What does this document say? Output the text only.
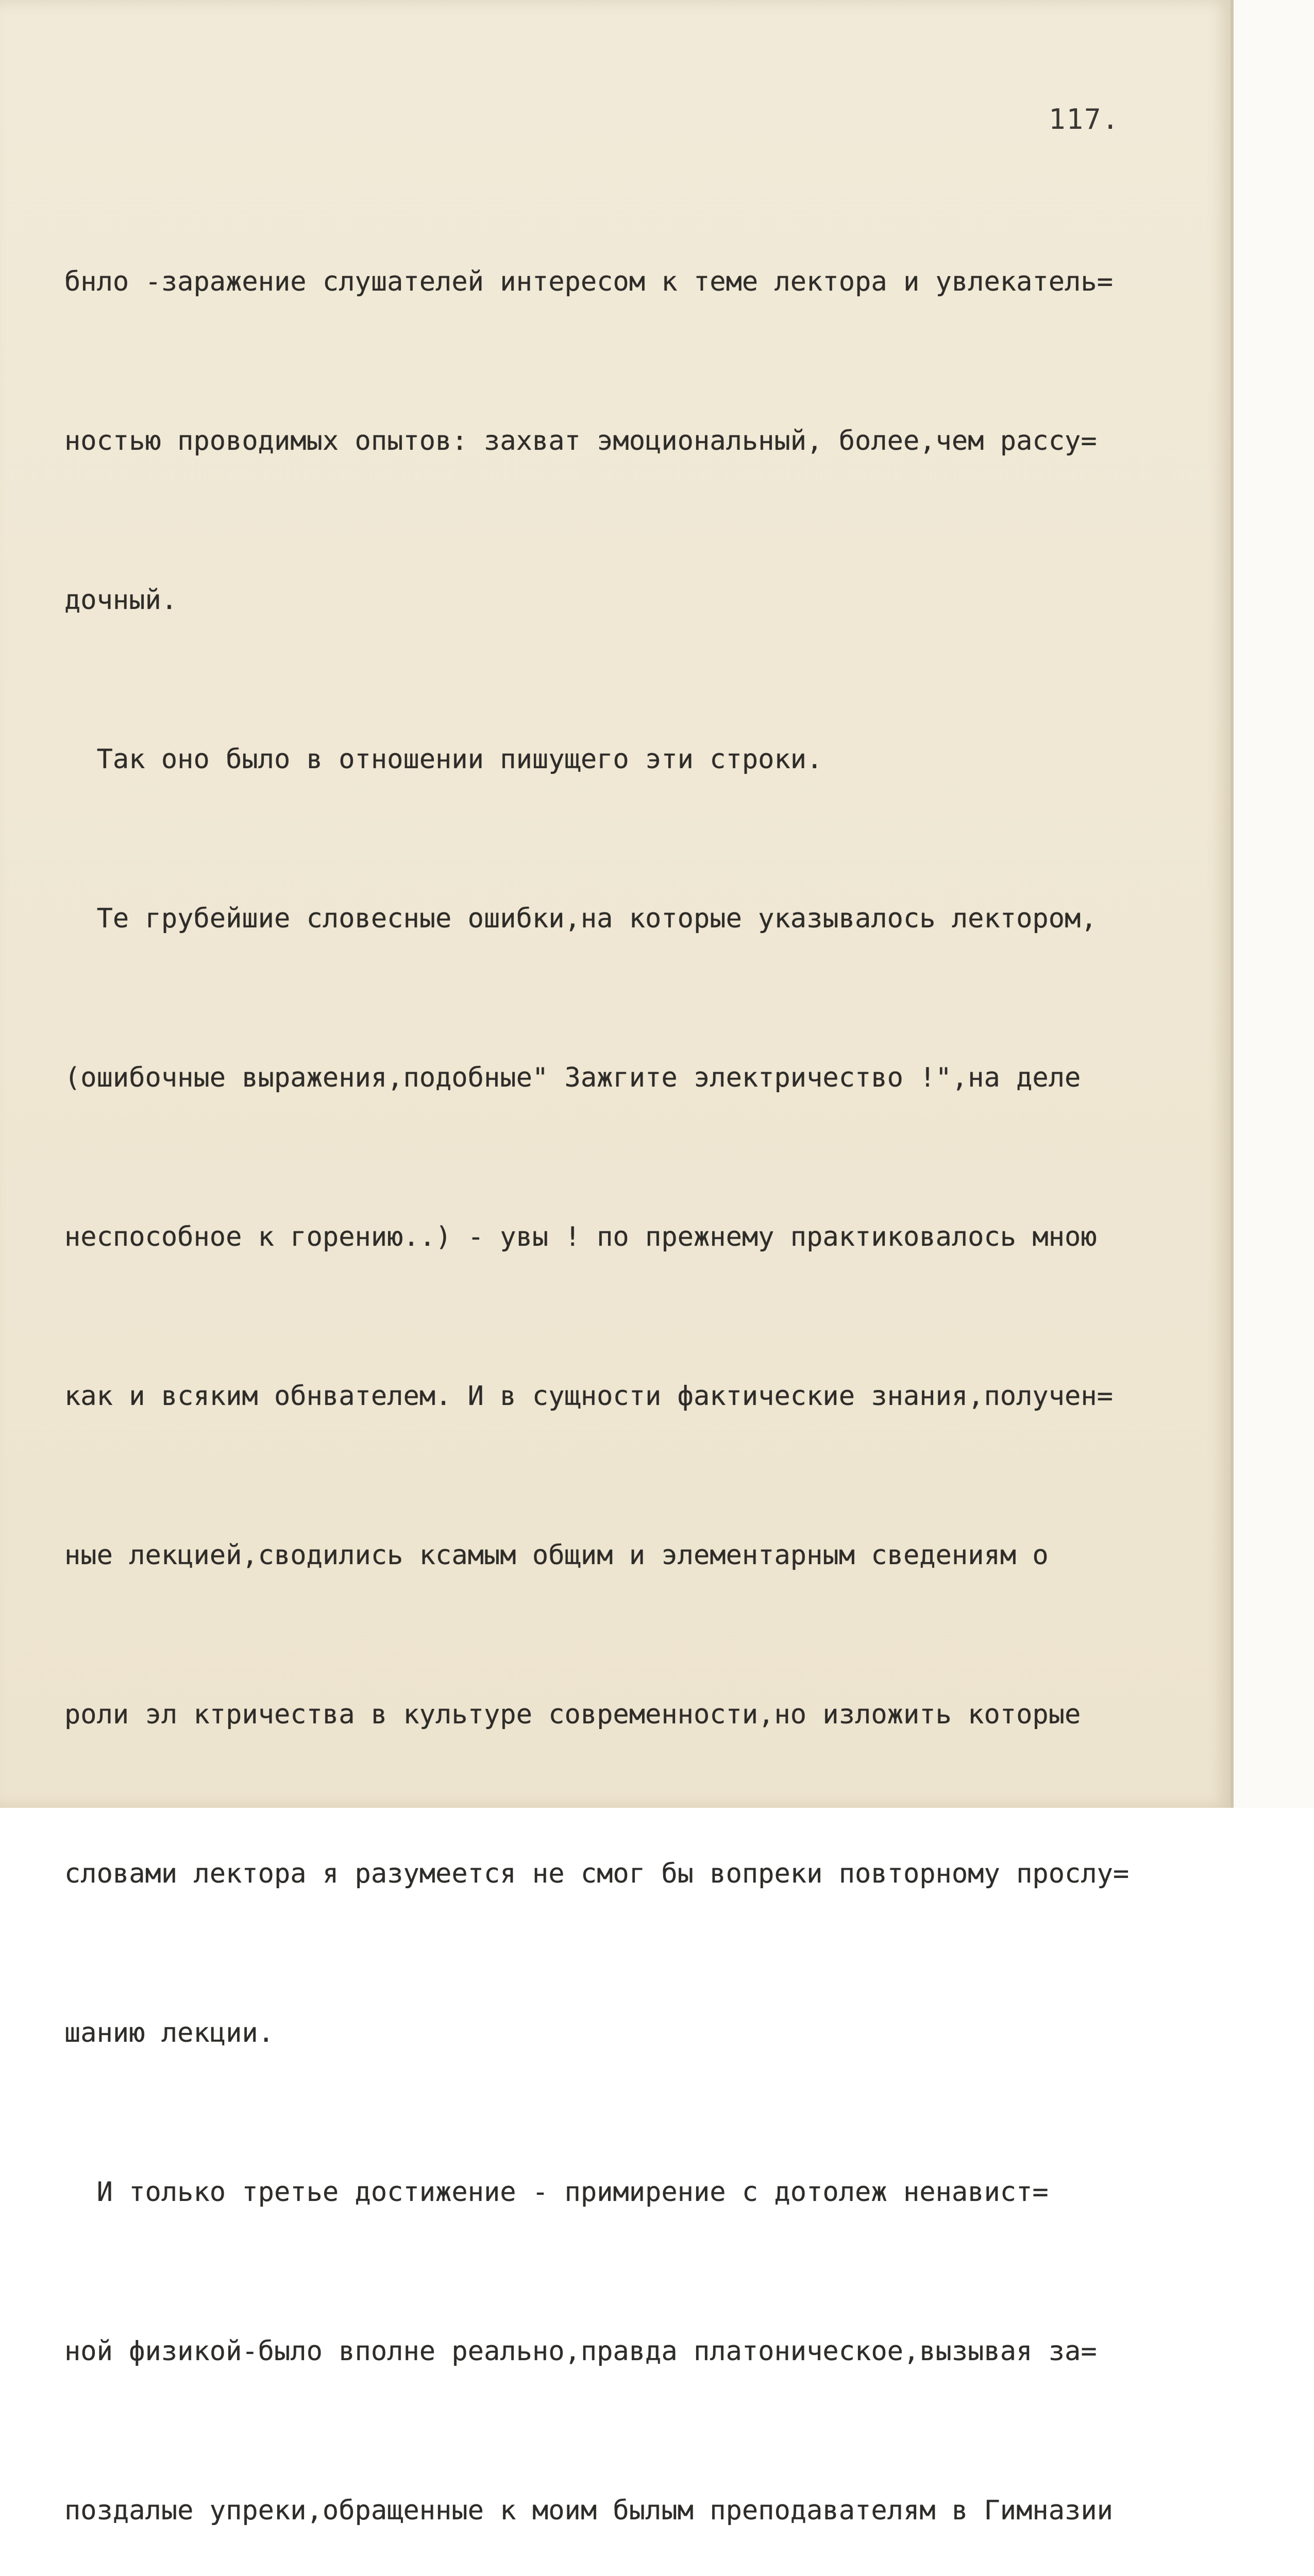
117.

бнло -заражение слушателей интересом к теме лектора и увлекатель=

ностью проводимых опытов: захват эмоциональный, более,чем рассу=

дочный.

Так оно было в отношении пишущего эти строки.

Те грубейшие словесные ошибки,на которые указывалось лектором,

(ошибочные выражения,подобные" Зажгите электричество !",на деле

неспособное к горению..) - увы ! по прежнему практиковалось мною

как и всяким обнвателем. И в сущности фактические знания,получен=

ные лекцией,сводились ксамым общим и элементарным сведениям о

роли эл ктричества в культуре современности,но изложить которые

словами лектора я разумеется не смог бы вопреки повторному прослу=

шанию лекции.

И только третье достижение - примирение с дотолеж ненавист=

ной физикой-было вполне реально,правда платоническое,вызывая за=

поздалые упреки,обращенные к моим былым преподавателям в Гимназии
